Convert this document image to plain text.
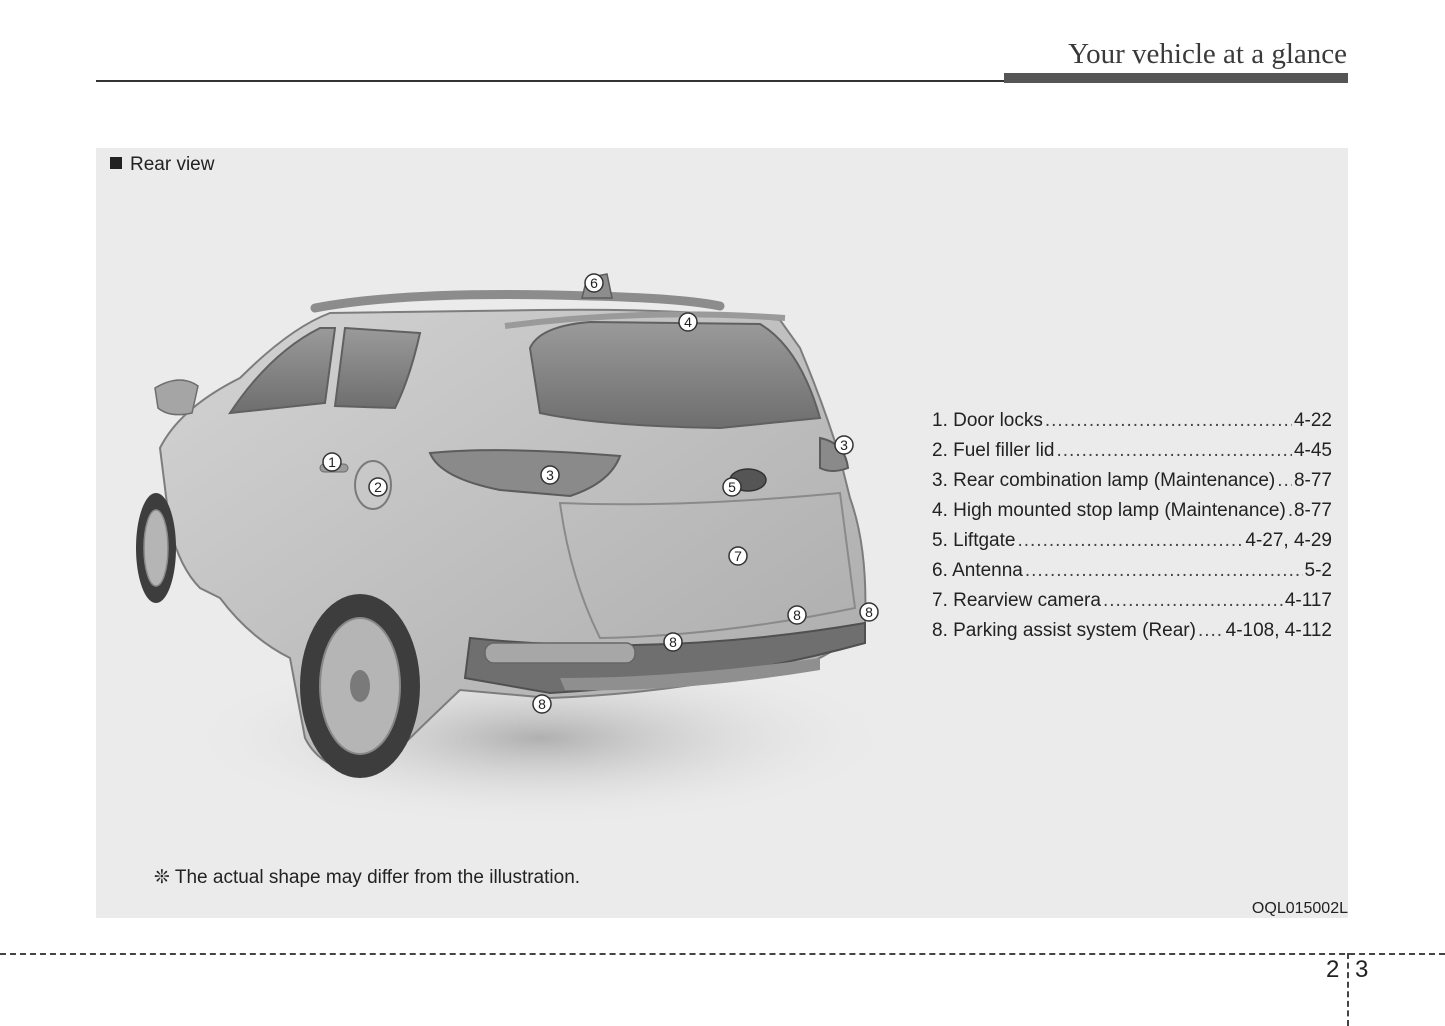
Your vehicle at a glance
Rear view
1
2
3
3
4
5
6
7
8	8
8
8
1. Door locks .....	4-22
2. Fuel filler lid .....	4-45
3. Rear combination lamp (Maintenance) ..... 8-77
4. High mounted stop lamp (Maintenance) ..... 8-77
5. Liftgate .....	4-27, 4-29
6. Antenna .....	5-2
7. Rearview camera .....	4-117
8. Parking assist system (Rear) ..... 4-108, 4-112
❊ The actual shape may differ from the illustration.
OQL015002L
2 3
